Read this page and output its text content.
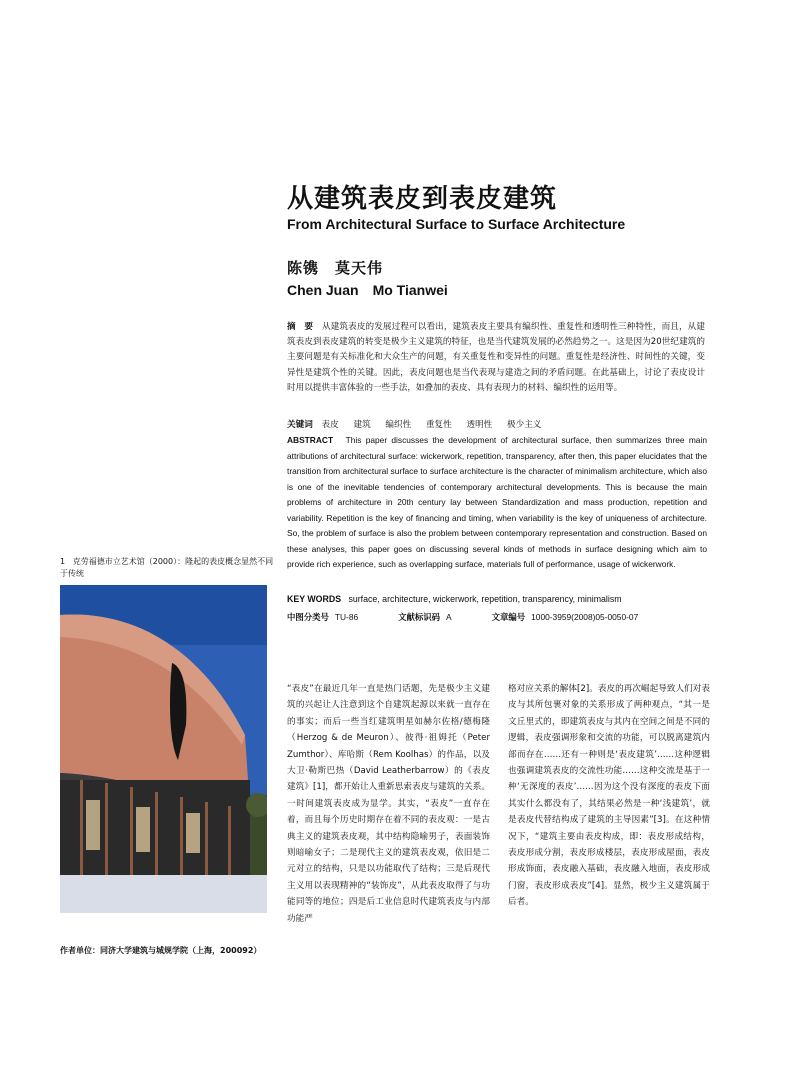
从建筑表皮到表皮建筑
From Architectural Surface to Surface Architecture
陈镌　莫天伟
Chen Juan　Mo Tianwei
摘　要 从建筑表皮的发展过程可以看出，建筑表皮主要具有编织性、重复性和透明性三种特性，而且，从建筑表皮到表皮建筑的转变是极少主义建筑的特征，也是当代建筑发展的必然趋势之一。这是因为20世纪建筑的主要问题是有关标准化和大众生产的问题，有关重复性和变异性的问题。重复性是经济性、时间性的关键，变异性是建筑个性的关键。因此，表皮问题也是当代表现与建造之间的矛盾问题。在此基础上，讨论了表皮设计时用以提供丰富体验的一些手法，如叠加的表皮、具有表现力的材料、编织性的运用等。
关键词 表皮 建筑 编织性 重复性 透明性 极少主义
ABSTRACT This paper discusses the development of architectural surface, then summarizes three main attributions of architectural surface: wickerwork, repetition, transparency, after then, this paper elucidates that the transition from architectural surface to surface architecture is the character of minimalism architecture, which also is one of the inevitable tendencies of contemporary architectural developments. This is because the main problems of architecture in 20th century lay between Standardization and mass production, repetition and variability. Repetition is the key of financing and timing, when variability is the key of uniqueness of architecture. So, the problem of surface is also the problem between contemporary representation and construction. Based on these analyses, this paper goes on discussing several kinds of methods in surface designing which aim to provide rich experience, such as overlapping surface, materials full of performance, usage of wickerwork.
KEY WORDS surface, architecture, wickerwork, repetition, transparency, minimalism
中图分类号 TU-86	文献标识码 A	文章编号 1000-3959(2008)05-0050-07
1 克劳福德市立艺术馆（2000）：隆起的表皮概念显然不同于传统
“表皮”在最近几年一直是热门话题，先是极少主义建筑的兴起让人注意到这个自建筑起源以来就一直存在的事实；而后一些当红建筑明星如赫尔佐格/德梅隆（Herzog & de Meuron）、彼得·祖姆托（Peter Zumthor）、库哈斯（Rem Koolhas）的作品，以及大卫·勒斯巴热（David Leatherbarrow）的《表皮建筑》[1]，都开始让人重新思索表皮与建筑的关系。一时间建筑表皮成为显学。其实，“表皮”一直存在着，而且每个历史时期存在着不同的表皮观：一是古典主义的建筑表皮观，其中结构隐喻男子，表面装饰则暗喻女子；二是现代主义的建筑表皮观，依旧是二元对立的结构，只是以功能取代了结构；三是后现代主义用以表现精神的“装饰皮”，从此表皮取得了与功能同等的地位；四是后工业信息时代建筑表皮与内部功能严
格对应关系的解体[2]。表皮的再次崛起导致人们对表皮与其所包裹对象的关系形成了两种观点，“其一是文丘里式的，即建筑表皮与其内在空间之间是不同的逻辑，表皮强调形象和交流的功能，可以脱离建筑内部而存在……还有一种则是‘表皮建筑’……这种逻辑也强调建筑表皮的交流性功能……这种交流是基于一种‘无深度的表皮’……因为这个没有深度的表皮下面其实什么都没有了，其结果必然是一种‘浅建筑’，就是表皮代替结构成了建筑的主导因素”[3]。在这种情况下，“建筑主要由表皮构成，即：表皮形成结构，表皮形成分割，表皮形成楼层，表皮形成屋面，表皮形成饰面，表皮融入基础，表皮融入地面，表皮形成门窗，表皮形成表皮”[4]。显然，极少主义建筑属于后者。
作者单位：同济大学建筑与城规学院（上海，200092）
